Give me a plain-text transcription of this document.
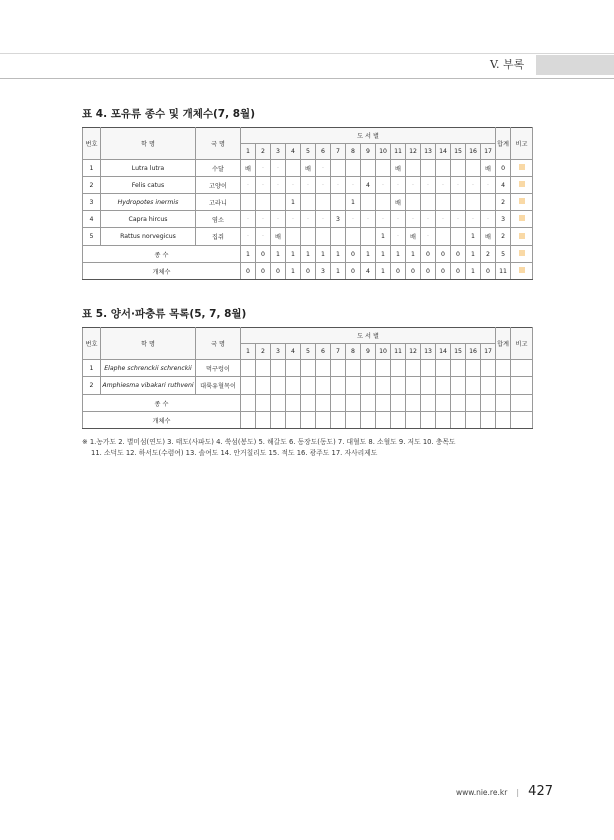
V. 부록
표 4. 포유류 종수 및 개체수(7, 8월)
번호	학 명	국 명	도 서 별																	합계	비고
			1	2	3	4	5	6	7	8	9	10	11	12	13	14	15	16	17		
1	Lutra lutra	수달	배	·	·		배	·					배						배	0	
2	Felis catus	고양이	·	·	·	·	·	·	·	·	4	·	·	·	·	·	·	·	·	4	
3	Hydropotes inermis	고라니				1				1			배							2	
4	Capra hircus	염소	·	·	·	·	·	·	3	·	·	·	·	·	·	·	·	·	·	3	
5	Rattus norvegicus	집쥐	·	·	배							1	·	배	·			1	배	2	
종 수			1	0	1	1	1	1	1	0	1	1	1	1	0	0	0	1	2	5	
개체수			0	0	0	1	0	3	1	0	4	1	0	0	0	0	0	1	0	11	
표 5. 양서·파충류 목록(5, 7, 8월)
번호	학 명	국 명	도 서 별																	합계	비고
			1	2	3	4	5	6	7	8	9	10	11	12	13	14	15	16	17		
1	Elaphe schrenckii schrenckii	먹구렁이																			
2	Amphiesma vibakari ruthveni	대륙유혈목이																			
종 수																					
개체수																					
※ 1.농가도 2. 별미섬(연도) 3. 태도(사파도) 4. 쑥섬(봉도) 5. 해갈도 6. 동장도(동도) 7. 대혈도 8. 소혈도 9. 저도 10. 충목도
11. 소덕도 12. 하서도(수렴여) 13. 솔여도 14. 안거칠리도 15. 적도 16. 광주도 17. 자사리제도
www.nie.re.kr | 427
